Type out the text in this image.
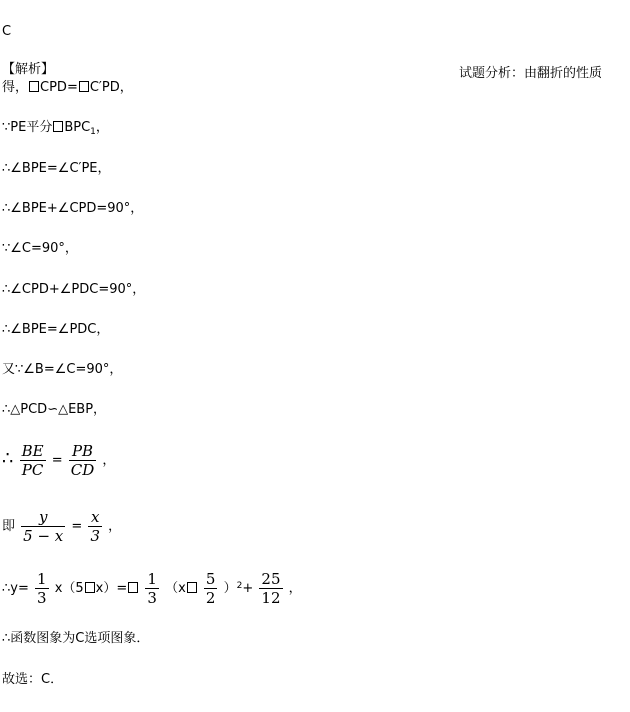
C
【解析】	试题分析：由翻折的性质
得， CPD= C′PD，
∵PE平分 $BPC_1$，
∴∠BPE=∠C′PE，
∴∠BPE+∠CPD=90°，
∵∠C=90°，
∴∠CPD+∠PDC=90°，
∴∠BPE=∠PDC，
又∵∠B=∠C=90°，
∴△PCD∽△EBP，
∴ $\frac{BE}{PC} = \frac{PB}{CD}$ ，
即 $\frac{y}{5 - x} = \frac{x}{3}$ ，
∴y= $\frac{1}{3} x(5$ $x)= \frac{1}{3} (x \frac{5}{2} )^2+ \frac{25}{12}$ ，
∴函数图象为C选项图象．
故选：C．
